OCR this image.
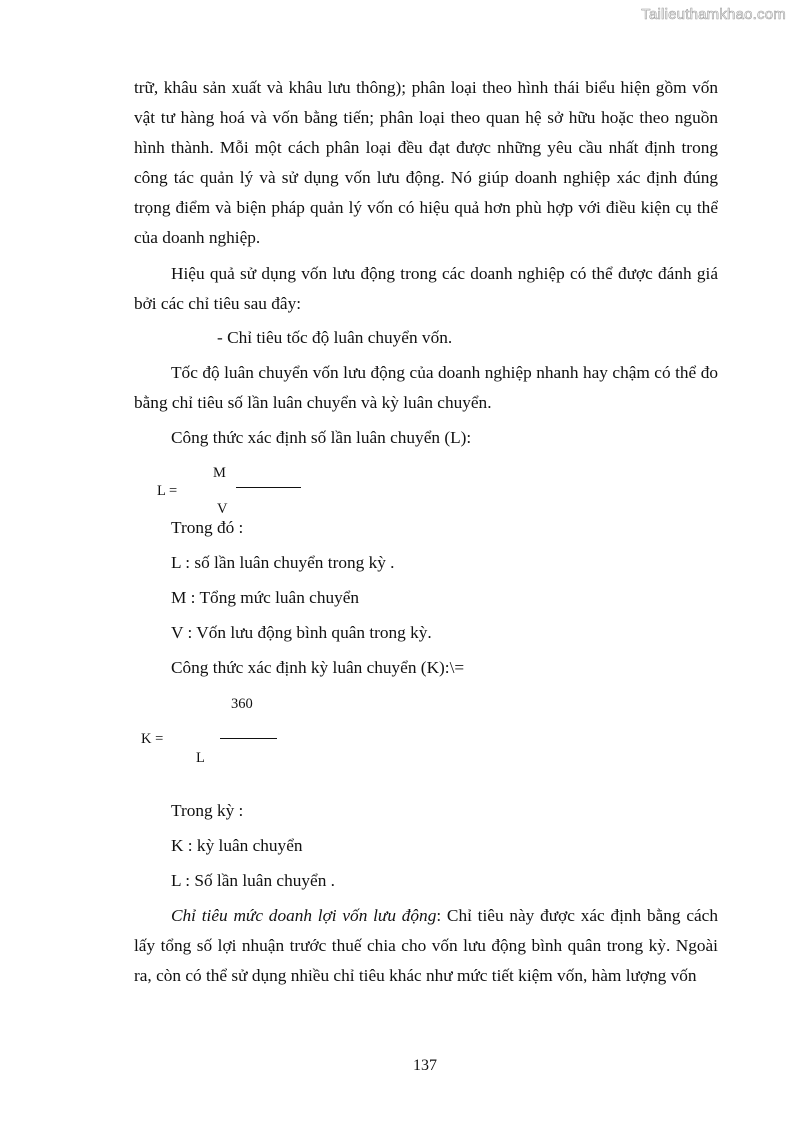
Tailieuthamkhao.com
trữ, khâu sản xuất và khâu lưu thông); phân loại theo hình thái biểu hiện gồm vốn
vật tư hàng hoá và vốn bằng tiến; phân loại theo quan hệ sở hữu hoặc theo nguồn
hình thành. Mỗi một cách phân loại đều đạt được những yêu cầu nhất định trong
công tác quản lý và sử dụng vốn lưu động. Nó giúp doanh nghiệp xác định đúng
trọng điểm và biện pháp quản lý vốn có hiệu quả hơn phù hợp với điều kiện cụ thể
của doanh nghiệp.
Hiệu quả sử dụng vốn lưu động trong các doanh nghiệp có thể được đánh giá
bởi các chỉ tiêu sau đây:
- Chỉ tiêu tốc độ luân chuyển vốn.
Tốc độ luân chuyển vốn lưu động của doanh nghiệp nhanh hay chậm có thể đo
bằng chỉ tiêu số lần luân chuyển và kỳ luân chuyển.
Công thức xác định số lần luân chuyển (L):
L =
M
V
Trong đó :
L : số lần luân chuyển trong kỳ .
M : Tổng mức luân chuyển
V : Vốn lưu động bình quân trong kỳ.
Công thức xác định kỳ luân chuyển (K):\=
360
K =
L
Trong kỳ :
K : kỳ luân chuyển
L : Số lần luân chuyển .
Chỉ tiêu mức doanh lợi vốn lưu động: Chỉ tiêu này được xác định bằng cách
lấy tổng số lợi nhuận trước thuế chia cho vốn lưu động bình quân trong kỳ. Ngoài
ra, còn có thể sử dụng nhiều chỉ tiêu khác như mức tiết kiệm vốn, hàm lượng vốn
137
